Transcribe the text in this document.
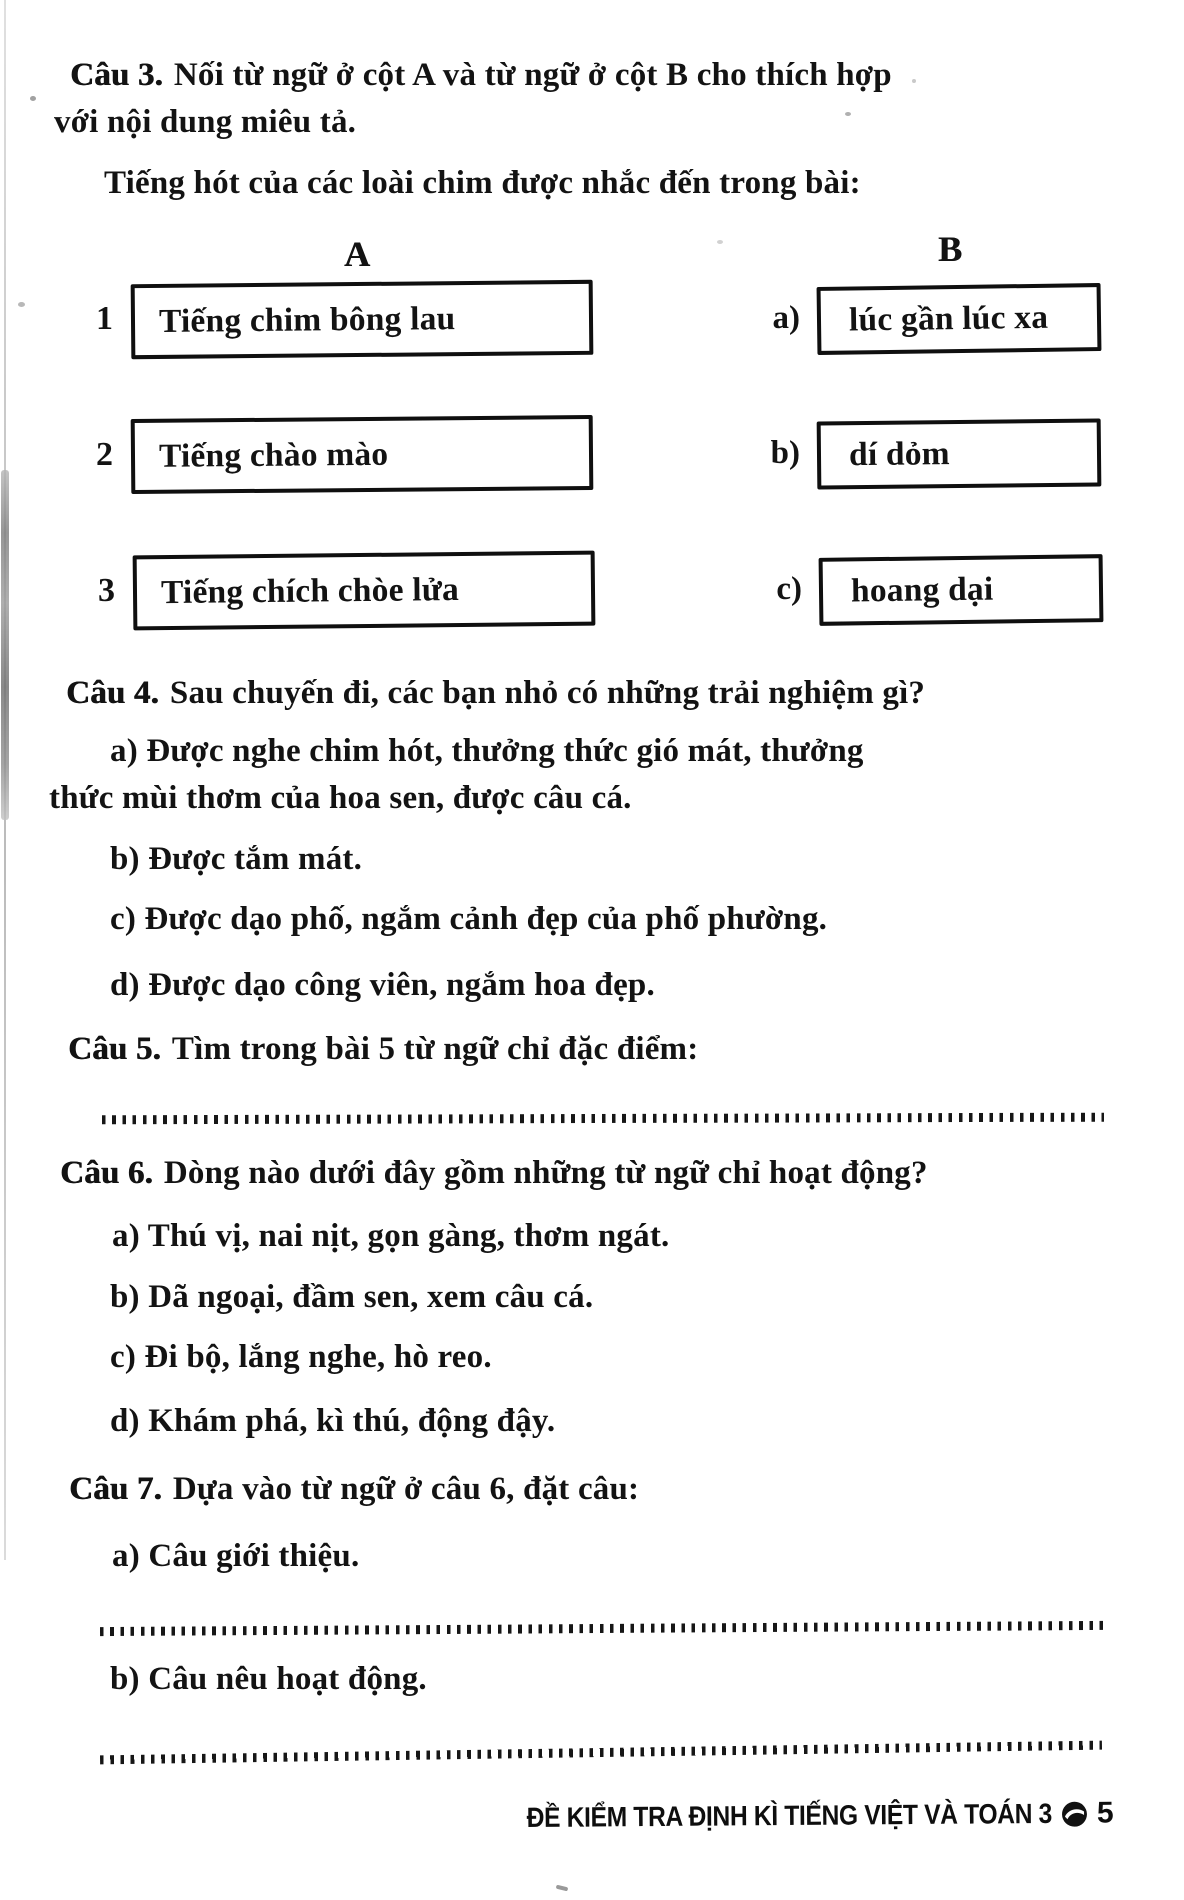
Câu 3. Nối từ ngữ ở cột A và từ ngữ ở cột B cho thích hợp với nội dung miêu tả.

Tiếng hót của các loài chim được nhắc đến trong bài:
A	B
1 Tiếng chim bông lau	a) lúc gần lúc xa
2 Tiếng chào mào	b) dí dỏm
3 Tiếng chích chòe lửa	c) hoang dại

Câu 4. Sau chuyến đi, các bạn nhỏ có những trải nghiệm gì?

a) Được nghe chim hót, thưởng thức gió mát, thưởng thức mùi thơm của hoa sen, được câu cá.

b) Được tắm mát.
c) Được dạo phố, ngắm cảnh đẹp của phố phường.
d) Được dạo công viên, ngắm hoa đẹp.

Câu 5. Tìm trong bài 5 từ ngữ chỉ đặc điểm:

Câu 6. Dòng nào dưới đây gồm những từ ngữ chỉ hoạt động?

a) Thú vị, nai nịt, gọn gàng, thơm ngát.
b) Dã ngoại, đầm sen, xem câu cá.
c) Đi bộ, lắng nghe, hò reo.
d) Khám phá, kì thú, động đậy.

Câu 7. Dựa vào từ ngữ ở câu 6, đặt câu:

a) Câu giới thiệu.
b) Câu nêu hoạt động.
ĐỀ KIỂM TRA ĐỊNH KÌ TIẾNG VIỆT VÀ TOÁN 3 5
